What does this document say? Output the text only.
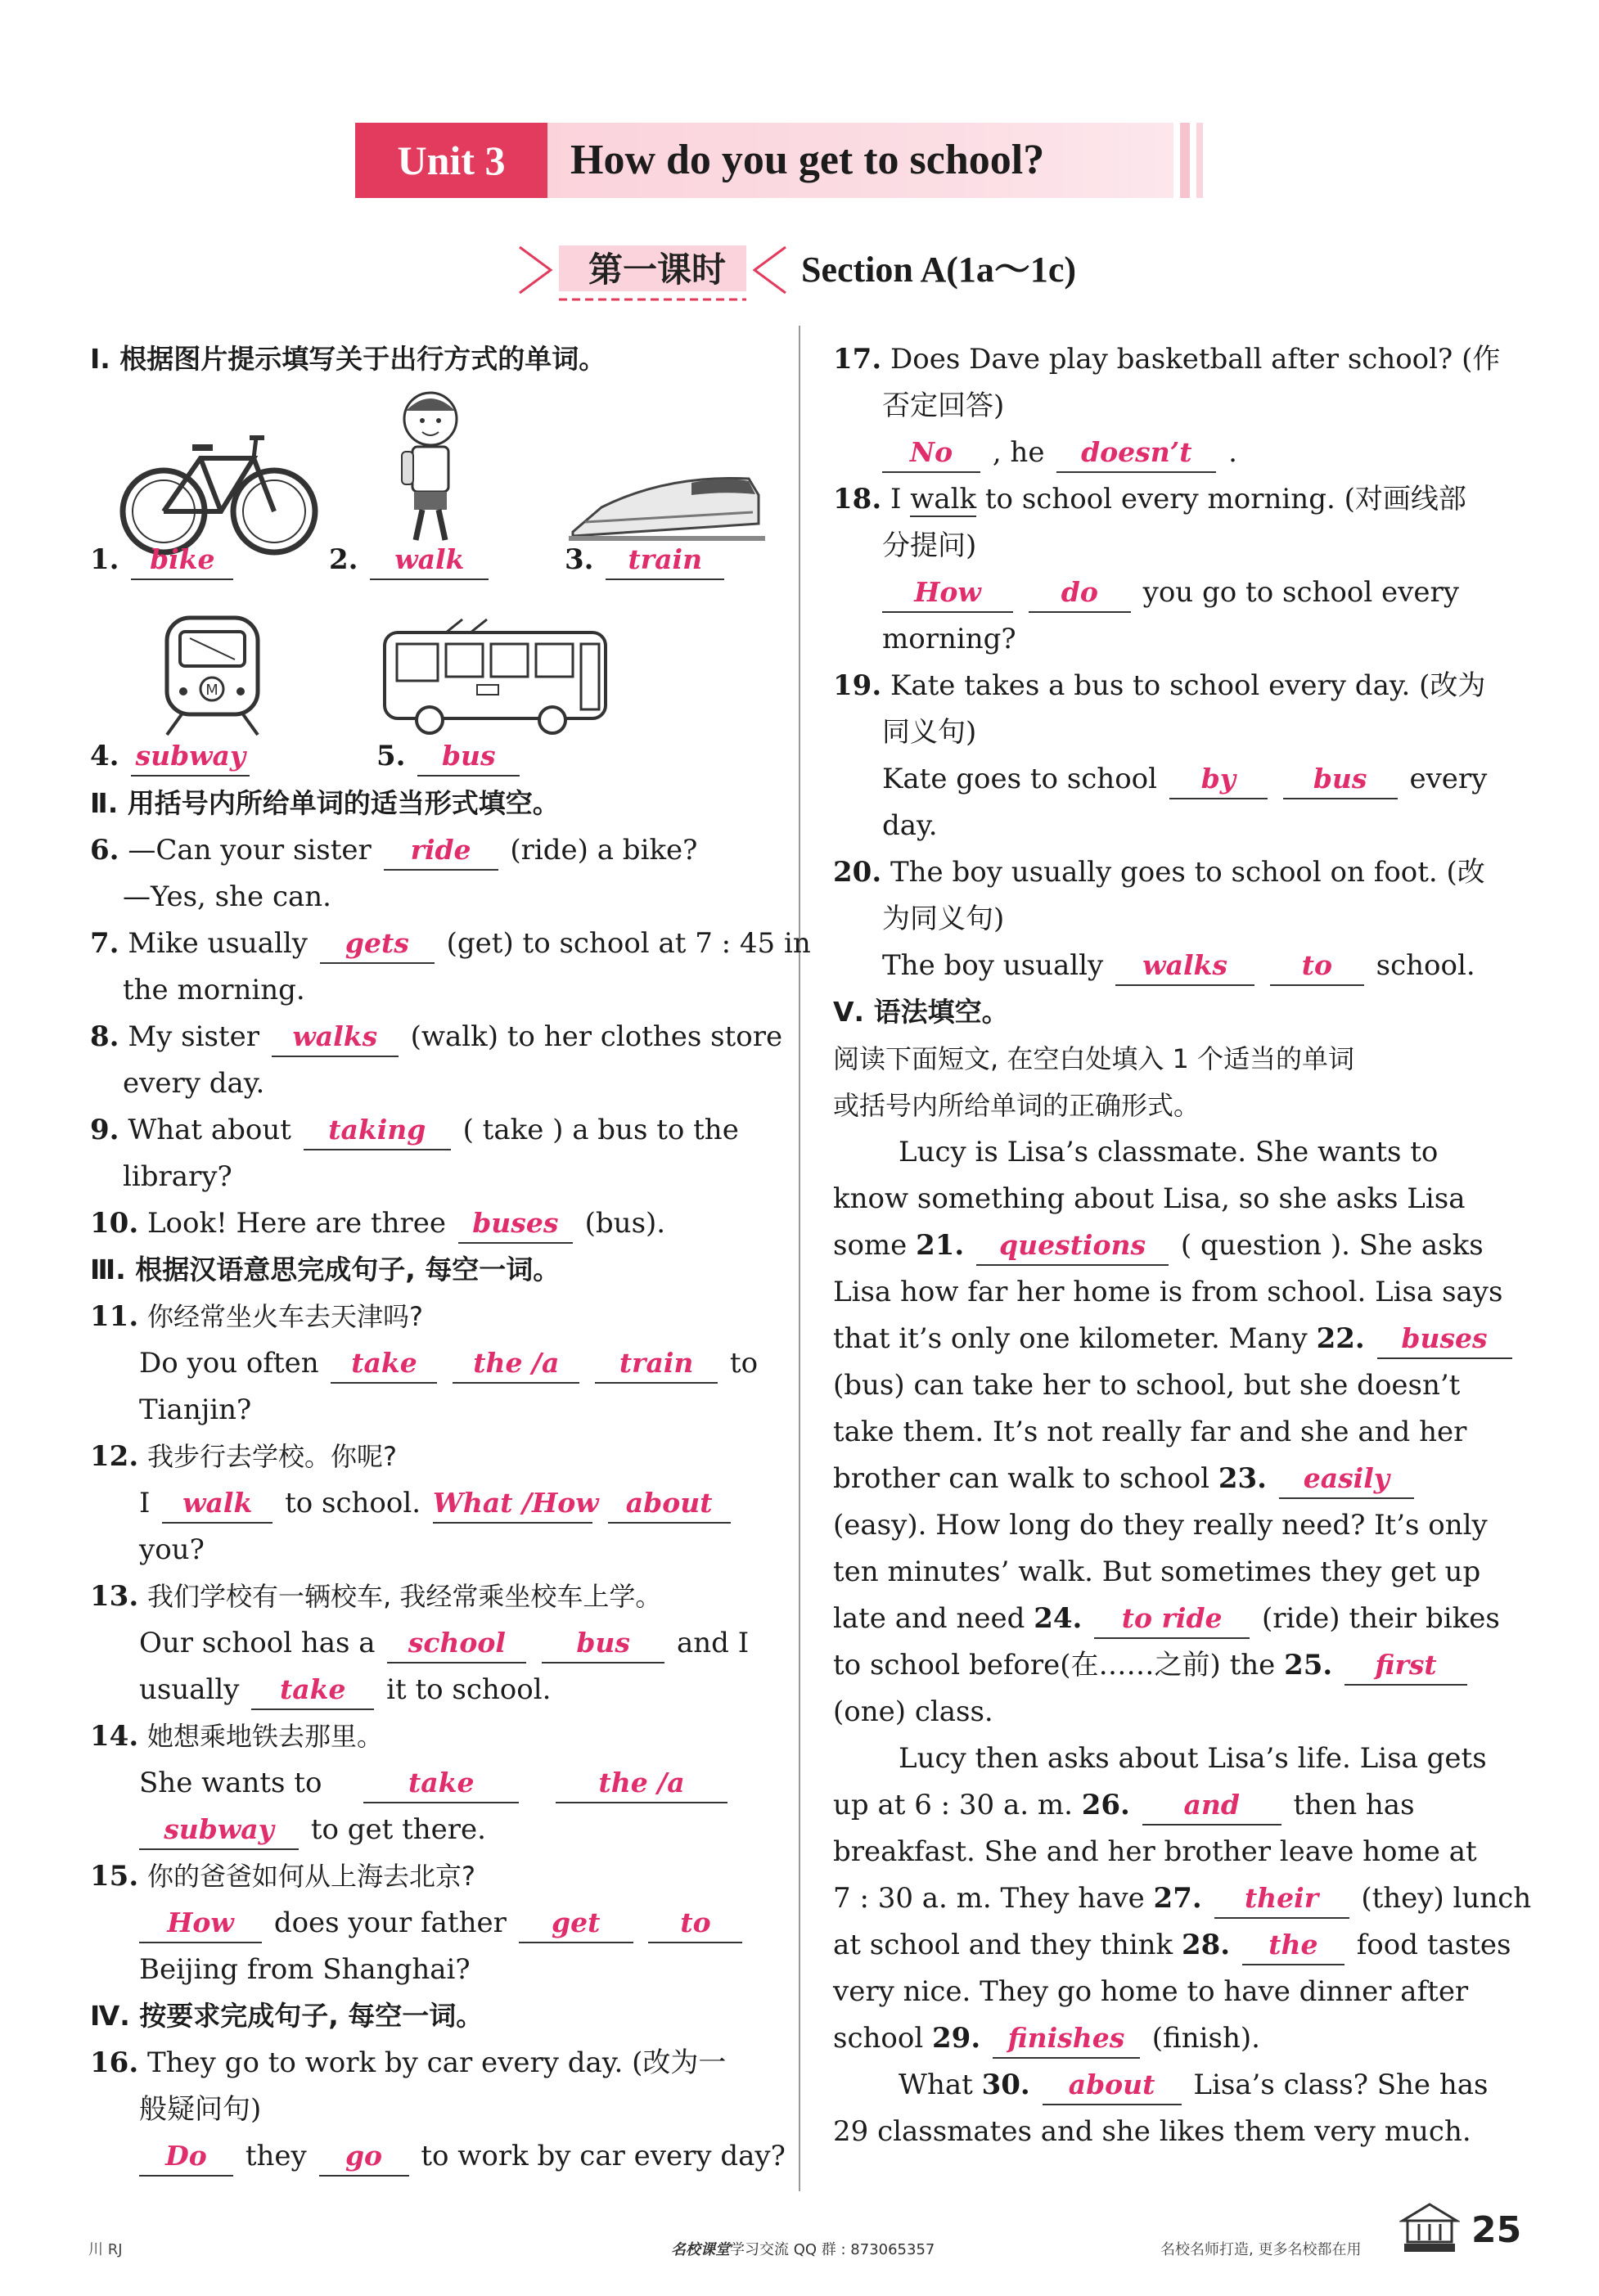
Unit 3	How do you get to school?
第一课时	Section A(1a～1c)
Ⅰ. 根据图片提示填写关于出行方式的单词。
1. bike	2. walk	3. train
M
4. subway	5. bus
Ⅱ. 用括号内所给单词的适当形式填空。
6. —Can your sister ride (ride) a bike?
—Yes, she can.
7. Mike usually gets (get) to school at 7 : 45 in
the morning.
8. My sister walks (walk) to her clothes store
every day.
9. What about taking ( take ) a bus to the
library?
10. Look! Here are three buses (bus).
Ⅲ. 根据汉语意思完成句子, 每空一词。
11. 你经常坐火车去天津吗?
Do you often take the /a train to
Tianjin?
12. 我步行去学校。你呢?
I walk to school. What /How about
you?
13. 我们学校有一辆校车, 我经常乘坐校车上学。
Our school has a school	bus and I
usually take it to school.
14. 她想乘地铁去那里。
She wants to	take	the /a
subway to get there.
15. 你的爸爸如何从上海去北京?
How does your father get	to
Beijing from Shanghai?
Ⅳ. 按要求完成句子, 每空一词。
16. They go to work by car every day. (改为一
般疑问句)
Do they go to work by car every day?
17. Does Dave play basketball after school? (作
否定回答)
No , he doesn’t .
18. I walk to school every morning. (对画线部
分提问)
How	do you go to school every
morning?
19. Kate takes a bus to school every day. (改为
同义句)
Kate goes to school by	bus every
day.
20. The boy usually goes to school on foot. (改
为同义句)
The boy usually walks	to school.
Ⅴ. 语法填空。
阅读下面短文, 在空白处填入 1 个适当的单词
或括号内所给单词的正确形式。
Lucy is Lisa’s classmate. She wants to
know something about Lisa, so she asks Lisa
some 21. questions ( question ). She asks
Lisa how far her home is from school. Lisa says
that it’s only one kilometer. Many 22. buses
(bus) can take her to school, but she doesn’t
take them. It’s not really far and she and her
brother can walk to school 23. easily
(easy). How long do they really need? It’s only
ten minutes’ walk. But sometimes they get up
late and need 24. to ride (ride) their bikes
to school before(在……之前) the 25. first
(one) class.
Lucy then asks about Lisa’s life. Lisa gets
up at 6 : 30 a. m. 26. and then has
breakfast. She and her brother leave home at
7 : 30 a. m. They have 27. their (they) lunch
at school and they think 28. the food tastes
very nice. They go home to have dinner after
school 29. finishes (finish).
What 30. about Lisa’s class? She has
29 classmates and she likes them very much.
川 RJ	名校课堂学习交流 QQ 群 : 873065357	名校名师打造, 更多名校都在用	25
